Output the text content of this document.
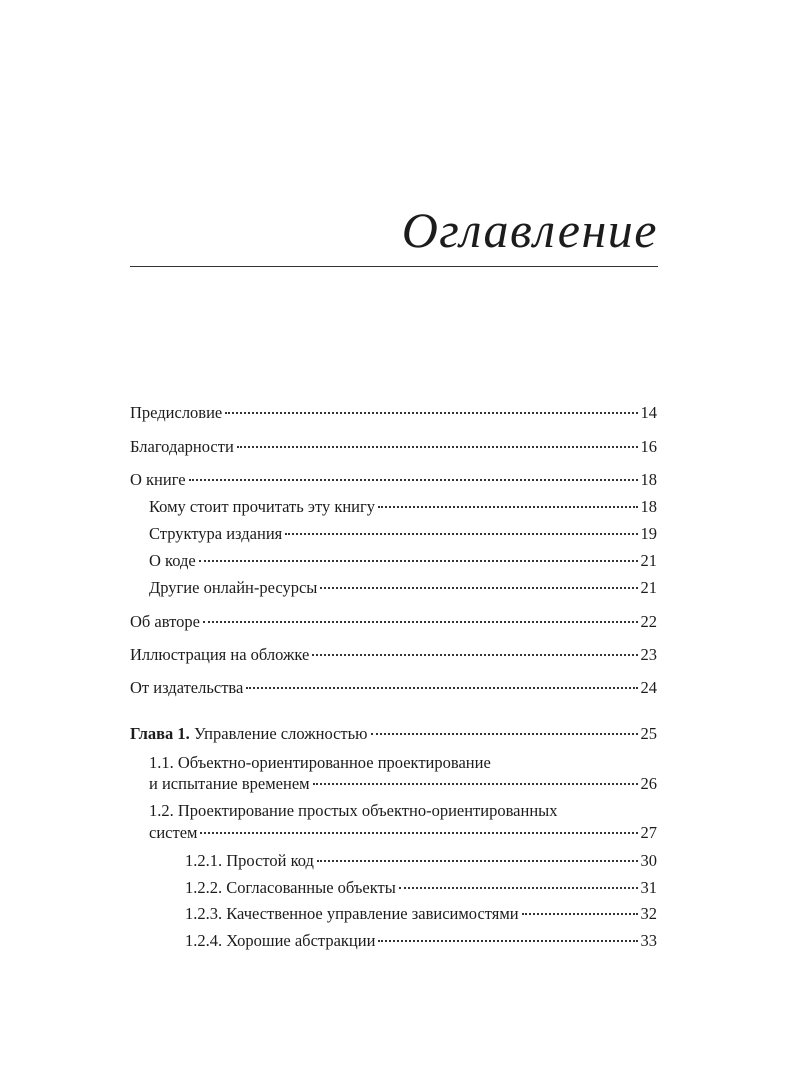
Оглавление
Предисловие	14
Благодарности	16
О книге	18
Кому стоит прочитать эту книгу	18
Структура издания	19
О коде	21
Другие онлайн-ресурсы	21
Об авторе	22
Иллюстрация на обложке	23
От издательства	24
Глава 1. Управление сложностью	25
1.1. Объектно-ориентированное проектирование
и испытание временем	26
1.2. Проектирование простых объектно-ориентированных
систем	27
1.2.1. Простой код	30
1.2.2. Согласованные объекты	31
1.2.3. Качественное управление зависимостями	32
1.2.4. Хорошие абстракции	33
